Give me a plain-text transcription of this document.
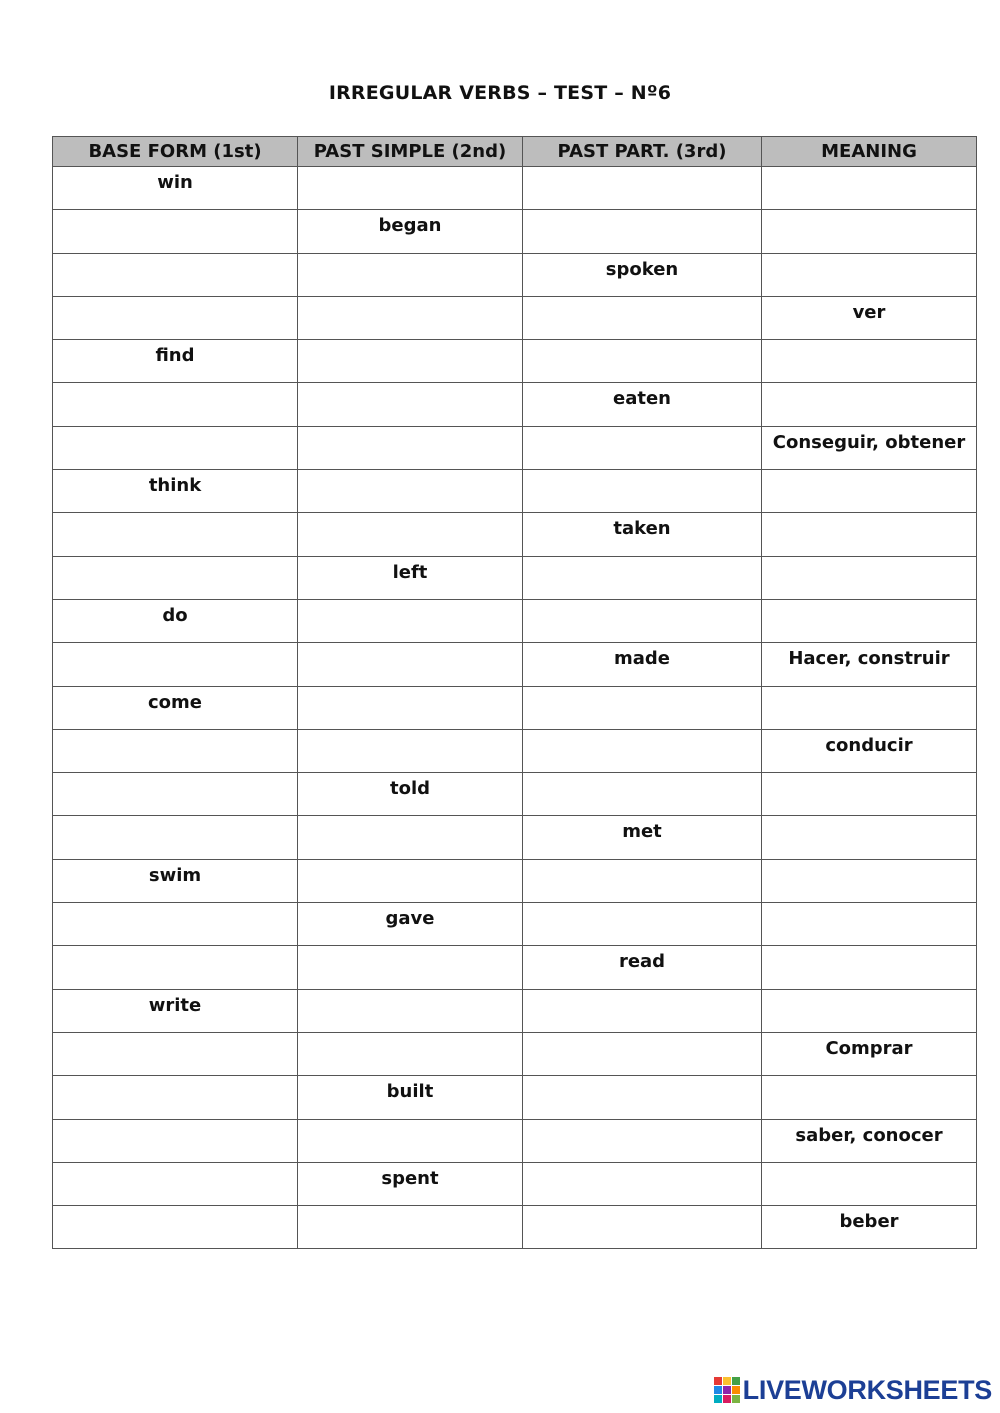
IRREGULAR VERBS – TEST – Nº6
BASE FORM (1st)	PAST SIMPLE (2nd)	PAST PART. (3rd)	MEANING
win			
	began		
		spoken	
			ver
find			
		eaten	
			Conseguir, obtener
think			
		taken	
	left		
do			
		made	Hacer, construir
come			
			conducir
	told		
		met	
swim			
	gave		
		read	
write			
			Comprar
	built		
			saber, conocer
	spent		
			beber
LIVEWORKSHEETS
